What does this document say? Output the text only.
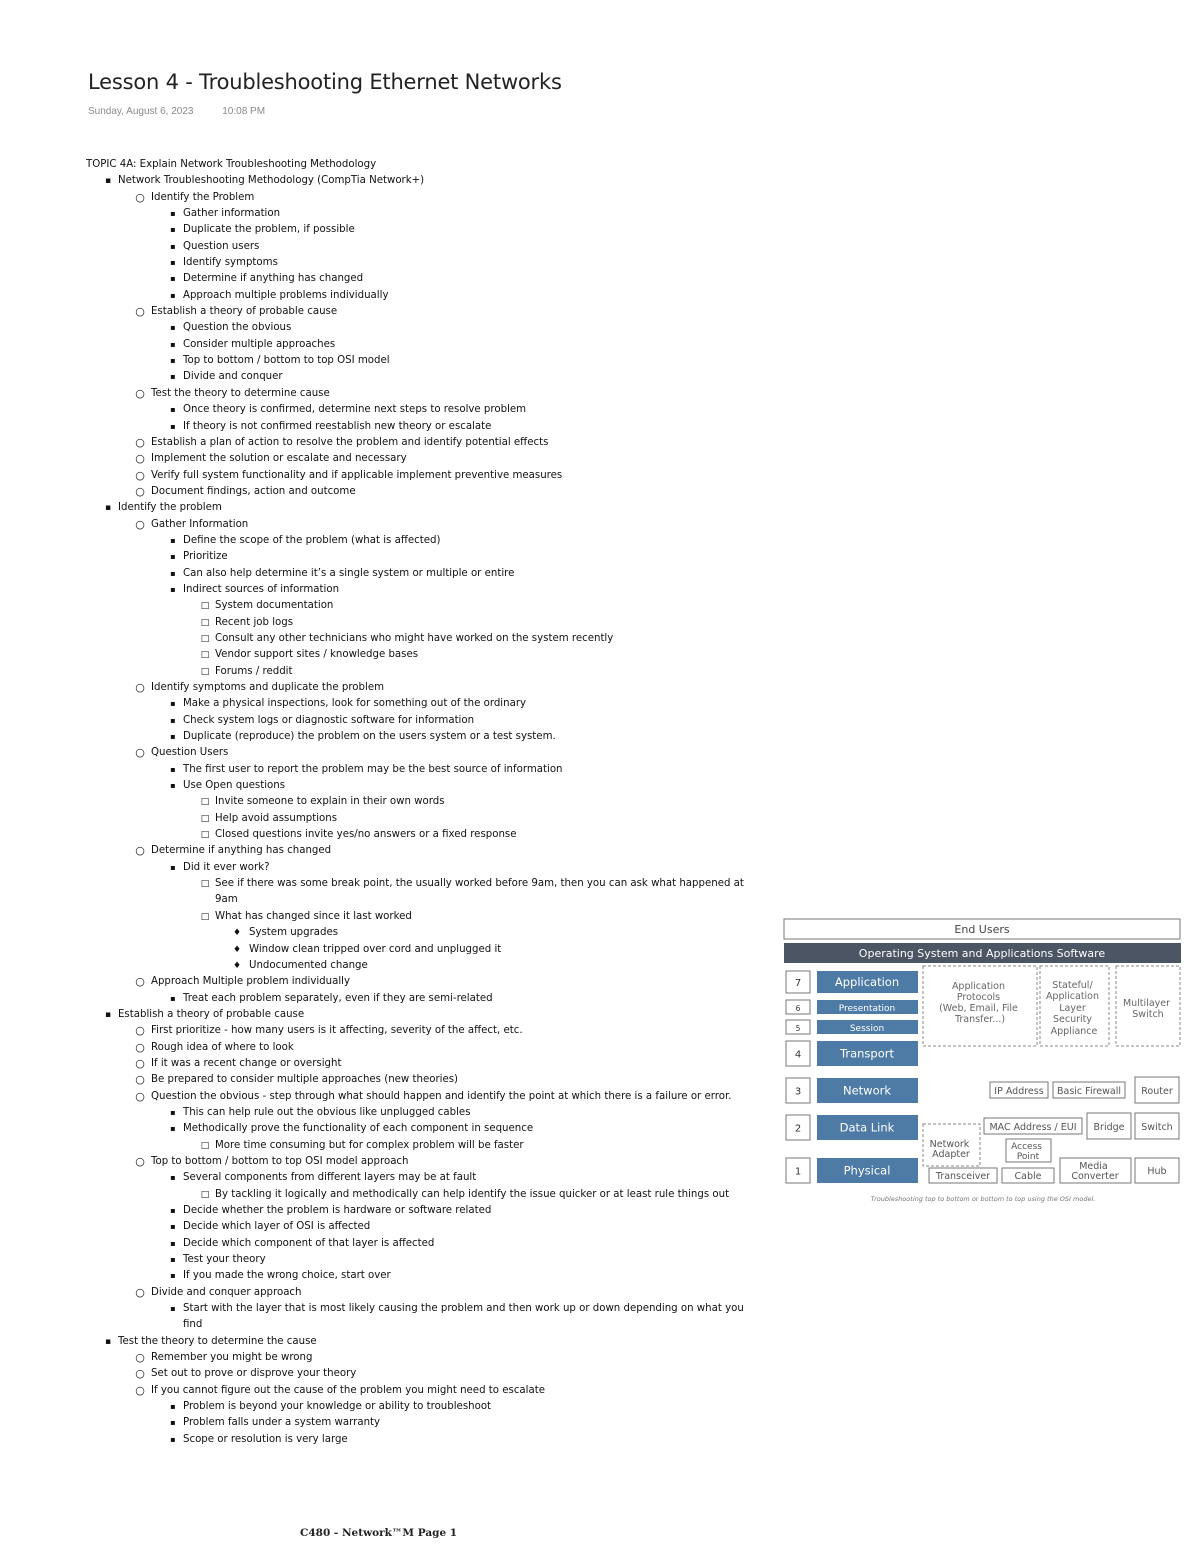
Lesson 4 - Troubleshooting Ethernet Networks
Sunday, August 6, 2023	10:08 PM
TOPIC 4A: Explain Network Troubleshooting Methodology
▪ Network Troubleshooting Methodology (CompTia Network+)
○ Identify the Problem
▪ Gather information
▪ Duplicate the problem, if possible
▪ Question users
▪ Identify symptoms
▪ Determine if anything has changed
▪ Approach multiple problems individually
○ Establish a theory of probable cause
▪ Question the obvious
▪ Consider multiple approaches
▪ Top to bottom / bottom to top OSI model
▪ Divide and conquer
○ Test the theory to determine cause
▪ Once theory is confirmed, determine next steps to resolve problem
▪ If theory is not confirmed reestablish new theory or escalate
○ Establish a plan of action to resolve the problem and identify potential effects
○ Implement the solution or escalate and necessary
○ Verify full system functionality and if applicable implement preventive measures
○ Document findings, action and outcome
▪ Identify the problem
○ Gather Information
▪ Define the scope of the problem (what is affected)
▪ Prioritize
▪ Can also help determine it’s a single system or multiple or entire
▪ Indirect sources of information
□ System documentation
□ Recent job logs
□ Consult any other technicians who might have worked on the system recently
□ Vendor support sites / knowledge bases
□ Forums / reddit
○ Identify symptoms and duplicate the problem
▪ Make a physical inspections, look for something out of the ordinary
▪ Check system logs or diagnostic software for information
▪ Duplicate (reproduce) the problem on the users system or a test system.
○ Question Users
▪ The first user to report the problem may be the best source of information
▪ Use Open questions
□ Invite someone to explain in their own words
□ Help avoid assumptions
□ Closed questions invite yes/no answers or a fixed response
○ Determine if anything has changed
▪ Did it ever work?
□ See if there was some break point, the usually worked before 9am, then you can ask what happened at 9am
□ What has changed since it last worked
♦ System upgrades
♦ Window clean tripped over cord and unplugged it
♦ Undocumented change
○ Approach Multiple problem individually
▪ Treat each problem separately, even if they are semi-related
▪ Establish a theory of probable cause
○ First prioritize - how many users is it affecting, severity of the affect, etc.
○ Rough idea of where to look
○ If it was a recent change or oversight
○ Be prepared to consider multiple approaches (new theories)
○ Question the obvious - step through what should happen and identify the point at which there is a failure or error.
▪ This can help rule out the obvious like unplugged cables
▪ Methodically prove the functionality of each component in sequence
□ More time consuming but for complex problem will be faster
○ Top to bottom / bottom to top OSI model approach
▪ Several components from different layers may be at fault
□ By tackling it logically and methodically can help identify the issue quicker or at least rule things out
▪ Decide whether the problem is hardware or software related
▪ Decide which layer of OSI is affected
▪ Decide which component of that layer is affected
▪ Test your theory
▪ If you made the wrong choice, start over
○ Divide and conquer approach
▪ Start with the layer that is most likely causing the problem and then work up or down depending on what you find
▪ Test the theory to determine the cause
○ Remember you might be wrong
○ Set out to prove or disprove your theory
○ If you cannot figure out the cause of the problem you might need to escalate
▪ Problem is beyond your knowledge or ability to troubleshoot
▪ Problem falls under a system warranty
▪ Scope or resolution is very large
End Users
Operating System and Applications Software
7	Application
6	Presentation
5	Session
4	Transport
3	Network
2	Data Link
1	Physical
Application Protocols (Web, Email, File Transfer...)
Stateful/ Application Layer Security Appliance
Multilayer Switch
IP Address Basic Firewall Router
MAC Address / EUI Bridge Switch
Network Adapter
Access Point
Transceiver	Cable
Media Converter	Hub
Troubleshooting top to bottom or bottom to top using the OSI model.
C480 - Network™M Page 1
